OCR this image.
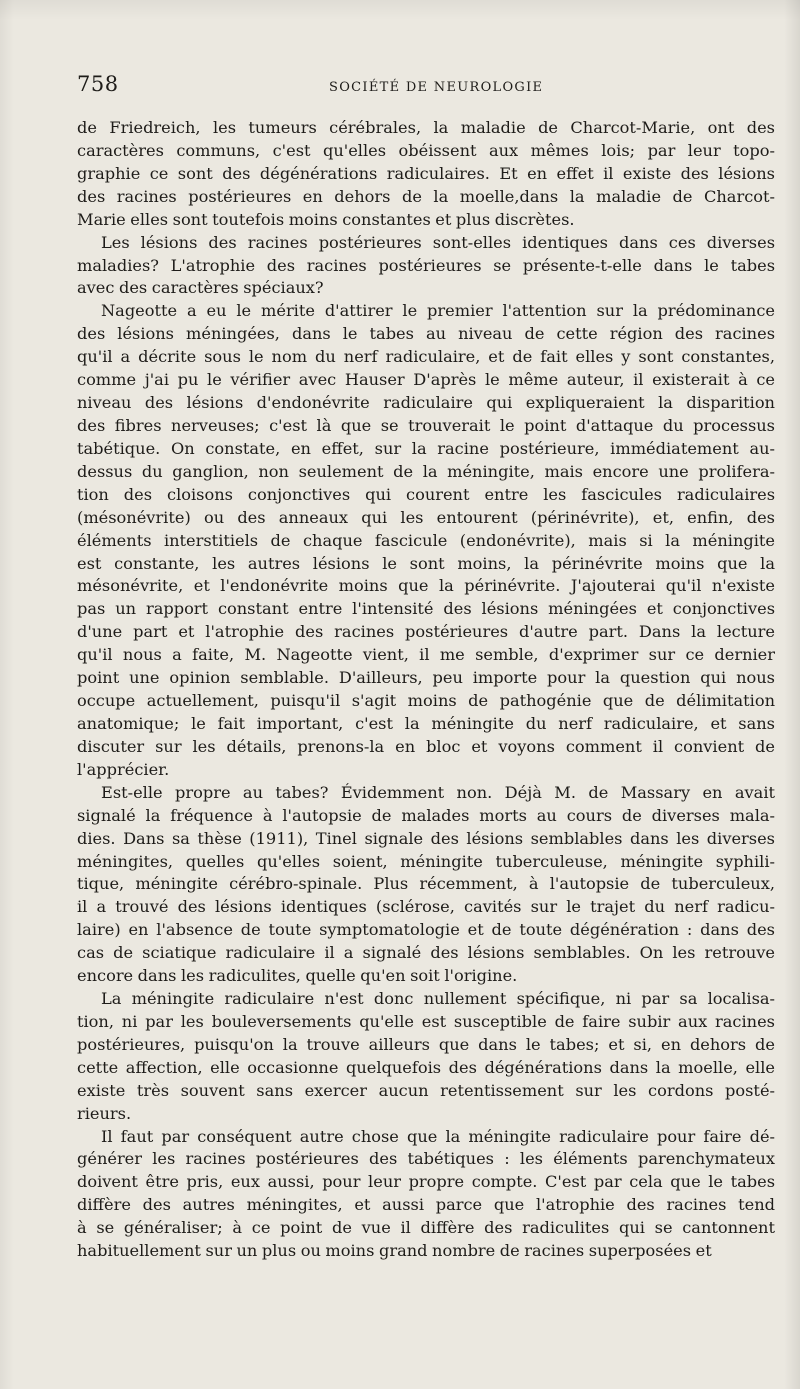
758	SOCIÉTÉ DE NEUROLOGIE
de Friedreich, les tumeurs cérébrales, la maladie de Charcot-Marie, ont des
caractères communs, c'est qu'elles obéissent aux mêmes lois; par leur topo-
graphie ce sont des dégénérations radiculaires. Et en effet il existe des lésions
des racines postérieures en dehors de la moelle,dans la maladie de Charcot-
Marie elles sont toutefois moins constantes et plus discrètes.
Les lésions des racines postérieures sont-elles identiques dans ces diverses
maladies? L'atrophie des racines postérieures se présente-t-elle dans le tabes
avec des caractères spéciaux?
Nageotte a eu le mérite d'attirer le premier l'attention sur la prédominance
des lésions méningées, dans le tabes au niveau de cette région des racines
qu'il a décrite sous le nom du nerf radiculaire, et de fait elles y sont constantes,
comme j'ai pu le vérifier avec Hauser D'après le même auteur, il existerait à ce
niveau des lésions d'endonévrite radiculaire qui expliqueraient la disparition
des fibres nerveuses; c'est là que se trouverait le point d'attaque du processus
tabétique. On constate, en effet, sur la racine postérieure, immédiatement au-
dessus du ganglion, non seulement de la méningite, mais encore une prolifera-
tion des cloisons conjonctives qui courent entre les fascicules radiculaires
(mésonévrite) ou des anneaux qui les entourent (périnévrite), et, enfin, des
éléments interstitiels de chaque fascicule (endonévrite), mais si la méningite
est constante, les autres lésions le sont moins, la périnévrite moins que la
mésonévrite, et l'endonévrite moins que la périnévrite. J'ajouterai qu'il n'existe
pas un rapport constant entre l'intensité des lésions méningées et conjonctives
d'une part et l'atrophie des racines postérieures d'autre part. Dans la lecture
qu'il nous a faite, M. Nageotte vient, il me semble, d'exprimer sur ce dernier
point une opinion semblable. D'ailleurs, peu importe pour la question qui nous
occupe actuellement, puisqu'il s'agit moins de pathogénie que de délimitation
anatomique; le fait important, c'est la méningite du nerf radiculaire, et sans
discuter sur les détails, prenons-la en bloc et voyons comment il convient de
l'apprécier.
Est-elle propre au tabes? Évidemment non. Déjà M. de Massary en avait
signalé la fréquence à l'autopsie de malades morts au cours de diverses mala-
dies. Dans sa thèse (1911), Tinel signale des lésions semblables dans les diverses
méningites, quelles qu'elles soient, méningite tuberculeuse, méningite syphili-
tique, méningite cérébro-spinale. Plus récemment, à l'autopsie de tuberculeux,
il a trouvé des lésions identiques (sclérose, cavités sur le trajet du nerf radicu-
laire) en l'absence de toute symptomatologie et de toute dégénération : dans des
cas de sciatique radiculaire il a signalé des lésions semblables. On les retrouve
encore dans les radiculites, quelle qu'en soit l'origine.
La méningite radiculaire n'est donc nullement spécifique, ni par sa localisa-
tion, ni par les bouleversements qu'elle est susceptible de faire subir aux racines
postérieures, puisqu'on la trouve ailleurs que dans le tabes; et si, en dehors de
cette affection, elle occasionne quelquefois des dégénérations dans la moelle, elle
existe très souvent sans exercer aucun retentissement sur les cordons posté-
rieurs.
Il faut par conséquent autre chose que la méningite radiculaire pour faire dé-
générer les racines postérieures des tabétiques : les éléments parenchymateux
doivent être pris, eux aussi, pour leur propre compte. C'est par cela que le tabes
diffère des autres méningites, et aussi parce que l'atrophie des racines tend
à se généraliser; à ce point de vue il diffère des radiculites qui se cantonnent
habituellement sur un plus ou moins grand nombre de racines superposées et
